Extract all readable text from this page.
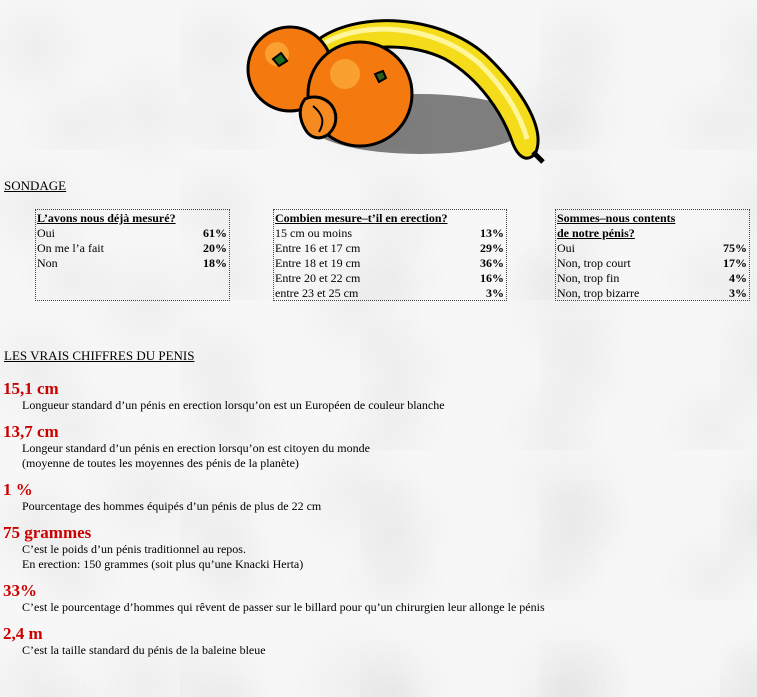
SONDAGE
L’avons nous déjà mesuré?
Oui	61%
On me l’a fait	20%
Non	18%
Combien mesure–t’il en erection?
15 cm ou moins	13%
Entre 16 et 17 cm	29%
Entre 18 et 19 cm	36%
Entre 20 et 22 cm	16%
entre 23 et 25 cm	3%
Sommes–nous contents
de notre pénis?
Oui	75%
Non, trop court	17%
Non, trop fin	4%
Non, trop bizarre	3%
LES VRAIS CHIFFRES DU PENIS
15,1 cm
Longueur standard d’un pénis en erection lorsqu’on est un Européen de couleur blanche
13,7 cm
Longeur standard d’un pénis en erection lorsqu’on est citoyen du monde
(moyenne de toutes les moyennes des pénis de la planète)
1 %
Pourcentage des hommes équipés d’un pénis de plus de 22 cm
75 grammes
C’est le poids d’un pénis traditionnel au repos.
En erection: 150 grammes (soit plus qu’une Knacki Herta)
33%
C’est le pourcentage d’hommes qui rêvent de passer sur le billard pour qu’un chirurgien leur allonge le pénis
2,4 m
C’est la taille standard du pénis de la baleine bleue
